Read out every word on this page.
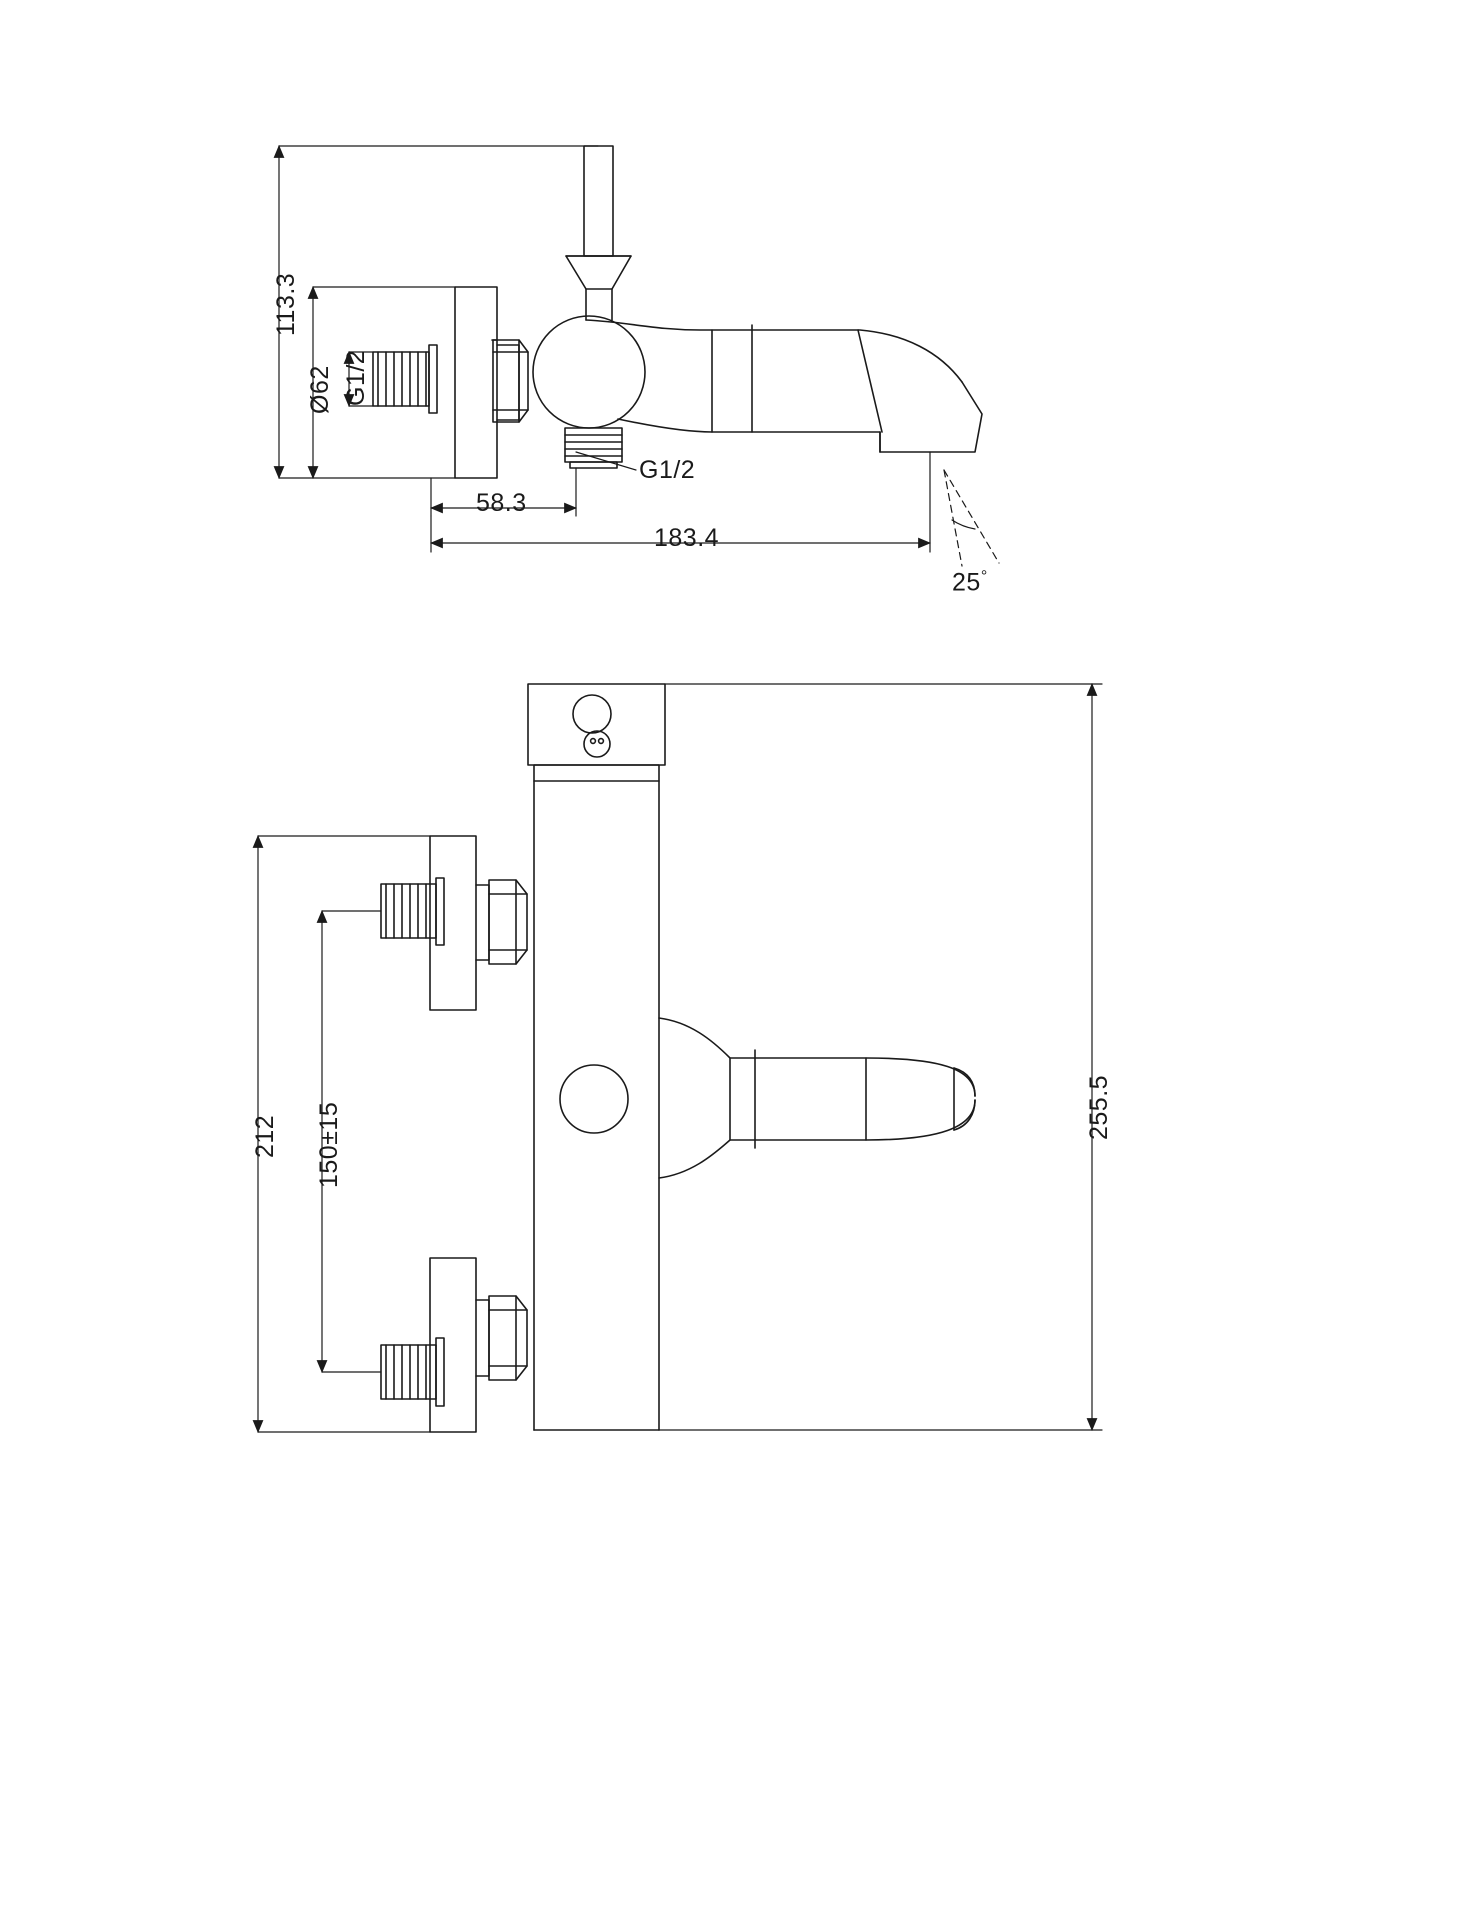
113.3
Ø62 G1/2
G1/2
58.3
183.4
25°
212 150±15	255.5
